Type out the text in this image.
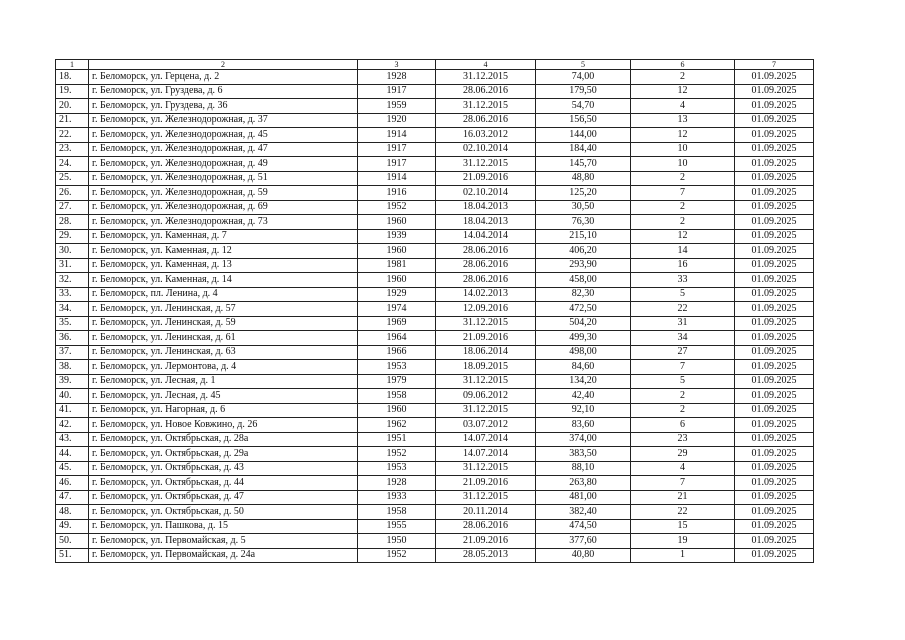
1	2	3	4	5	6	7
18.	г. Беломорск, ул. Герцена, д. 2	1928	31.12.2015	74,00	2	01.09.2025
19.	г. Беломорск, ул. Груздева, д. 6	1917	28.06.2016	179,50	12	01.09.2025
20.	г. Беломорск, ул. Груздева, д. 36	1959	31.12.2015	54,70	4	01.09.2025
21.	г. Беломорск, ул. Железнодорожная, д. 37	1920	28.06.2016	156,50	13	01.09.2025
22.	г. Беломорск, ул. Железнодорожная, д. 45	1914	16.03.2012	144,00	12	01.09.2025
23.	г. Беломорск, ул. Железнодорожная, д. 47	1917	02.10.2014	184,40	10	01.09.2025
24.	г. Беломорск, ул. Железнодорожная, д. 49	1917	31.12.2015	145,70	10	01.09.2025
25.	г. Беломорск, ул. Железнодорожная, д. 51	1914	21.09.2016	48,80	2	01.09.2025
26.	г. Беломорск, ул. Железнодорожная, д. 59	1916	02.10.2014	125,20	7	01.09.2025
27.	г. Беломорск, ул. Железнодорожная, д. 69	1952	18.04.2013	30,50	2	01.09.2025
28.	г. Беломорск, ул. Железнодорожная, д. 73	1960	18.04.2013	76,30	2	01.09.2025
29.	г. Беломорск, ул. Каменная, д. 7	1939	14.04.2014	215,10	12	01.09.2025
30.	г. Беломорск, ул. Каменная, д. 12	1960	28.06.2016	406,20	14	01.09.2025
31.	г. Беломорск, ул. Каменная, д. 13	1981	28.06.2016	293,90	16	01.09.2025
32.	г. Беломорск, ул. Каменная, д. 14	1960	28.06.2016	458,00	33	01.09.2025
33.	г. Беломорск, пл. Ленина, д. 4	1929	14.02.2013	82,30	5	01.09.2025
34.	г. Беломорск, ул. Ленинская, д. 57	1974	12.09.2016	472,50	22	01.09.2025
35.	г. Беломорск, ул. Ленинская, д. 59	1969	31.12.2015	504,20	31	01.09.2025
36.	г. Беломорск, ул. Ленинская, д. 61	1964	21.09.2016	499,30	34	01.09.2025
37.	г. Беломорск, ул. Ленинская, д. 63	1966	18.06.2014	498,00	27	01.09.2025
38.	г. Беломорск, ул. Лермонтова, д. 4	1953	18.09.2015	84,60	7	01.09.2025
39.	г. Беломорск, ул. Лесная, д. 1	1979	31.12.2015	134,20	5	01.09.2025
40.	г. Беломорск, ул. Лесная, д. 45	1958	09.06.2012	42,40	2	01.09.2025
41.	г. Беломорск, ул. Нагорная, д. 6	1960	31.12.2015	92,10	2	01.09.2025
42.	г. Беломорск, ул. Новое Ковжино, д. 26	1962	03.07.2012	83,60	6	01.09.2025
43.	г. Беломорск, ул. Октябрьская, д. 28а	1951	14.07.2014	374,00	23	01.09.2025
44.	г. Беломорск, ул. Октябрьская, д. 29а	1952	14.07.2014	383,50	29	01.09.2025
45.	г. Беломорск, ул. Октябрьская, д. 43	1953	31.12.2015	88,10	4	01.09.2025
46.	г. Беломорск, ул. Октябрьская, д. 44	1928	21.09.2016	263,80	7	01.09.2025
47.	г. Беломорск, ул. Октябрьская, д. 47	1933	31.12.2015	481,00	21	01.09.2025
48.	г. Беломорск, ул. Октябрьская, д. 50	1958	20.11.2014	382,40	22	01.09.2025
49.	г. Беломорск, ул. Пашкова, д. 15	1955	28.06.2016	474,50	15	01.09.2025
50.	г. Беломорск, ул. Первомайская, д. 5	1950	21.09.2016	377,60	19	01.09.2025
51.	г. Беломорск, ул. Первомайская, д. 24а	1952	28.05.2013	40,80	1	01.09.2025
